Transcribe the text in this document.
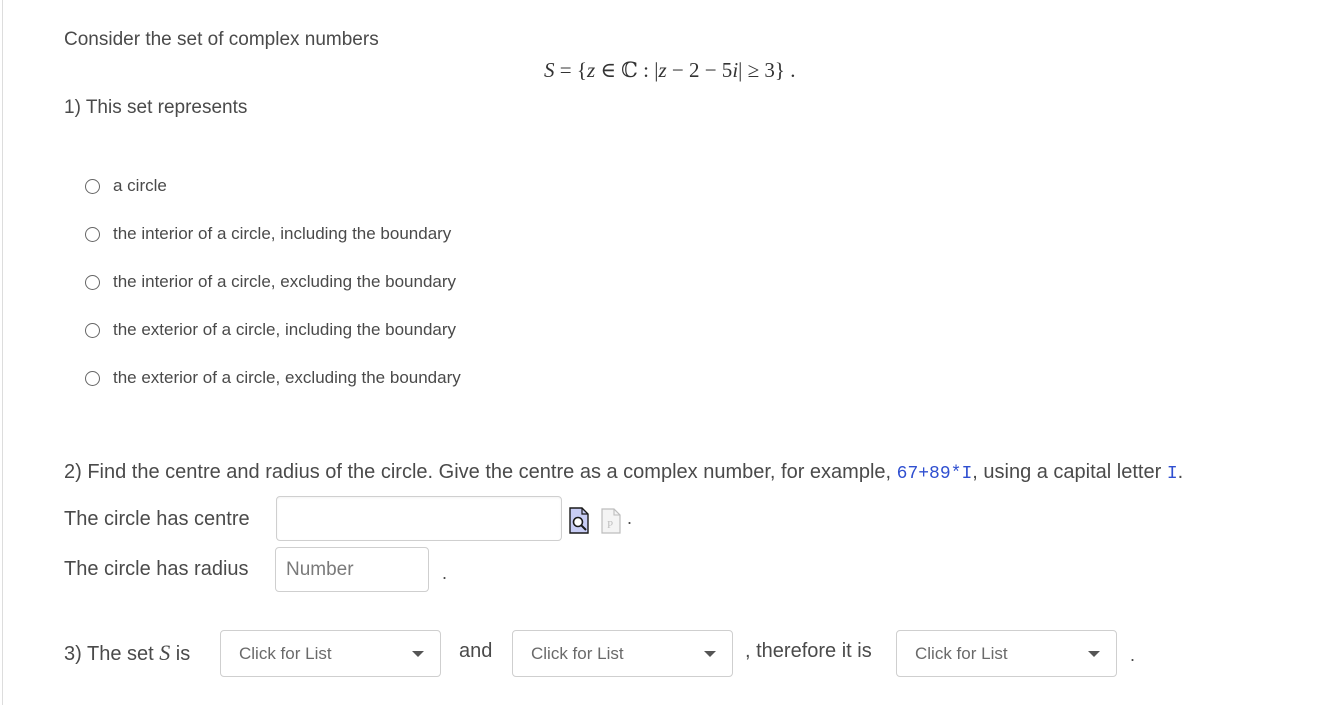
Consider the set of complex numbers
S = {z ∈ ℂ : |z − 2 − 5i| ≥ 3} .
1) This set represents
a circle
the interior of a circle, including the boundary
the interior of a circle, excluding the boundary
the exterior of a circle, including the boundary
the exterior of a circle, excluding the boundary
2) Find the centre and radius of the circle. Give the centre as a complex number, for example, 67+89*I, using a capital letter I.
The circle has centre	P .
The circle has radius
Number	.
3) The set S is	Click for List	and Click for List	, therefore it is	Click for List	.
